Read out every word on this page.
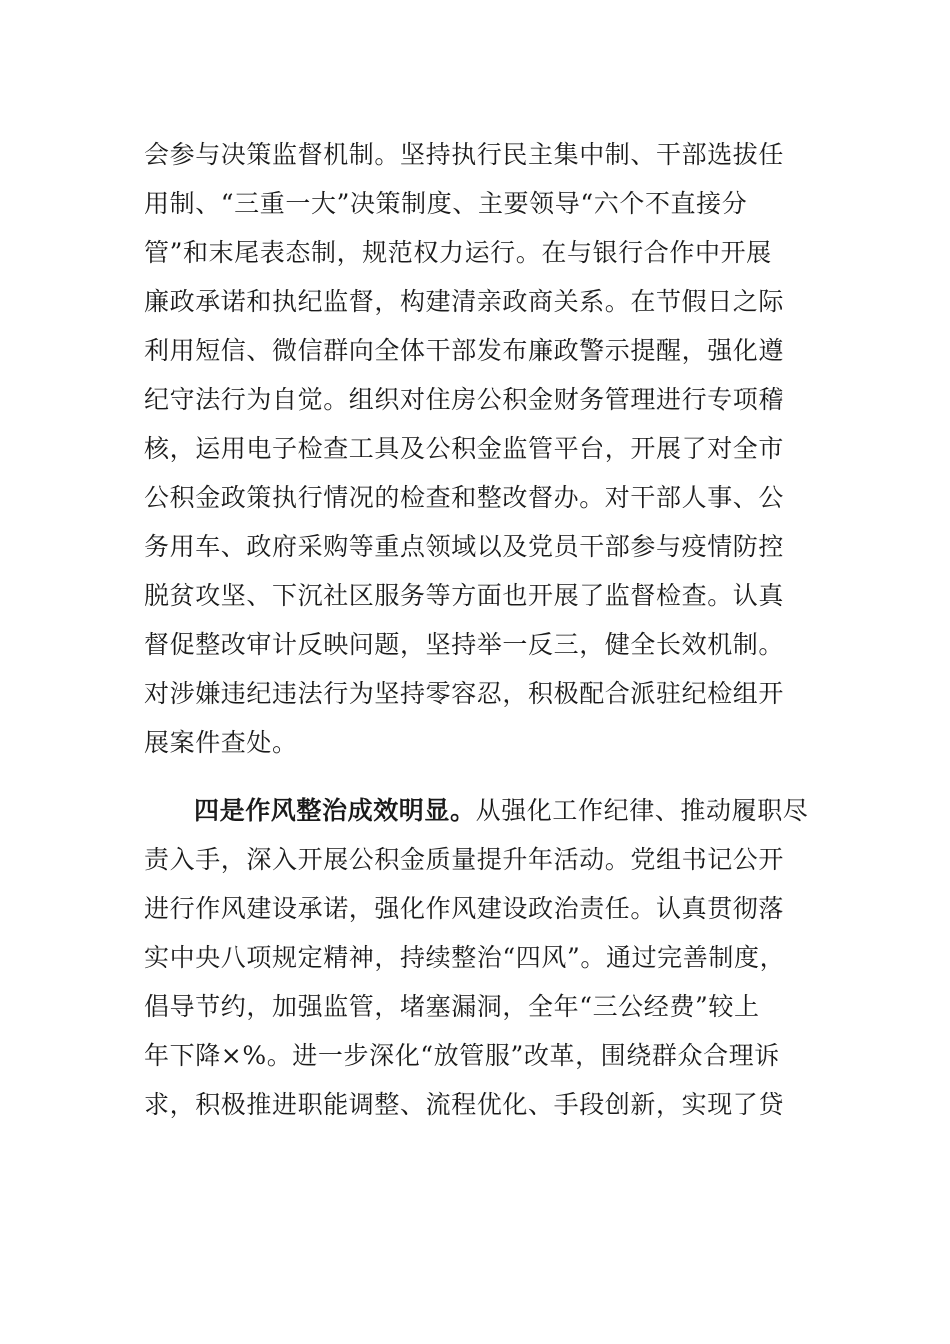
会参与决策监督机制。坚持执行民主集中制、干部选拔任
用制、“三重一大”决策制度、主要领导“六个不直接分
管”和末尾表态制，规范权力运行。在与银行合作中开展
廉政承诺和执纪监督，构建清亲政商关系。在节假日之际
利用短信、微信群向全体干部发布廉政警示提醒，强化遵
纪守法行为自觉。组织对住房公积金财务管理进行专项稽
核，运用电子检查工具及公积金监管平台，开展了对全市
公积金政策执行情况的检查和整改督办。对干部人事、公
务用车、政府采购等重点领域以及党员干部参与疫情防控
脱贫攻坚、下沉社区服务等方面也开展了监督检查。认真
督促整改审计反映问题，坚持举一反三，健全长效机制。
对涉嫌违纪违法行为坚持零容忍，积极配合派驻纪检组开
展案件查处。
四是作风整治成效明显。从强化工作纪律、推动履职尽
责入手，深入开展公积金质量提升年活动。党组书记公开
进行作风建设承诺，强化作风建设政治责任。认真贯彻落
实中央八项规定精神，持续整治“四风”。通过完善制度，
倡导节约，加强监管，堵塞漏洞，全年“三公经费”较上
年下降×%。进一步深化“放管服”改革，围绕群众合理诉
求，积极推进职能调整、流程优化、手段创新，实现了贷
